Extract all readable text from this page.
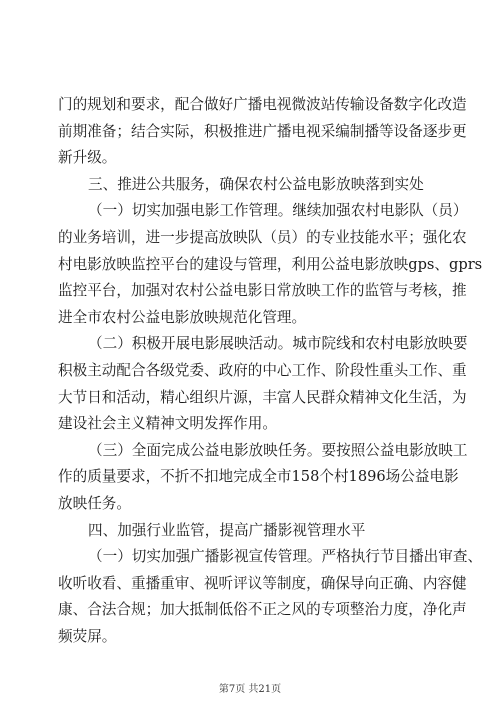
门的规划和要求，配合做好广播电视微波站传输设备数字化改造
前期准备；结合实际，积极推进广播电视采编制播等设备逐步更
新升级。
三、推进公共服务，确保农村公益电影放映落到实处
（一）切实加强电影工作管理。继续加强农村电影队（员）
的业务培训，进一步提高放映队（员）的专业技能水平；强化农
村电影放映监控平台的建设与管理，利用公益电影放映gps、gprs
监控平台，加强对农村公益电影日常放映工作的监管与考核，推
进全市农村公益电影放映规范化管理。
（二）积极开展电影展映活动。城市院线和农村电影放映要
积极主动配合各级党委、政府的中心工作、阶段性重头工作、重
大节日和活动，精心组织片源，丰富人民群众精神文化生活，为
建设社会主义精神文明发挥作用。
（三）全面完成公益电影放映任务。要按照公益电影放映工
作的质量要求，不折不扣地完成全市158个村1896场公益电影
放映任务。
四、加强行业监管，提高广播影视管理水平
（一）切实加强广播影视宣传管理。严格执行节目播出审查、
收听收看、重播重审、视听评议等制度，确保导向正确、内容健
康、合法合规；加大抵制低俗不正之风的专项整治力度，净化声
频荧屏。
第7页 共21页
